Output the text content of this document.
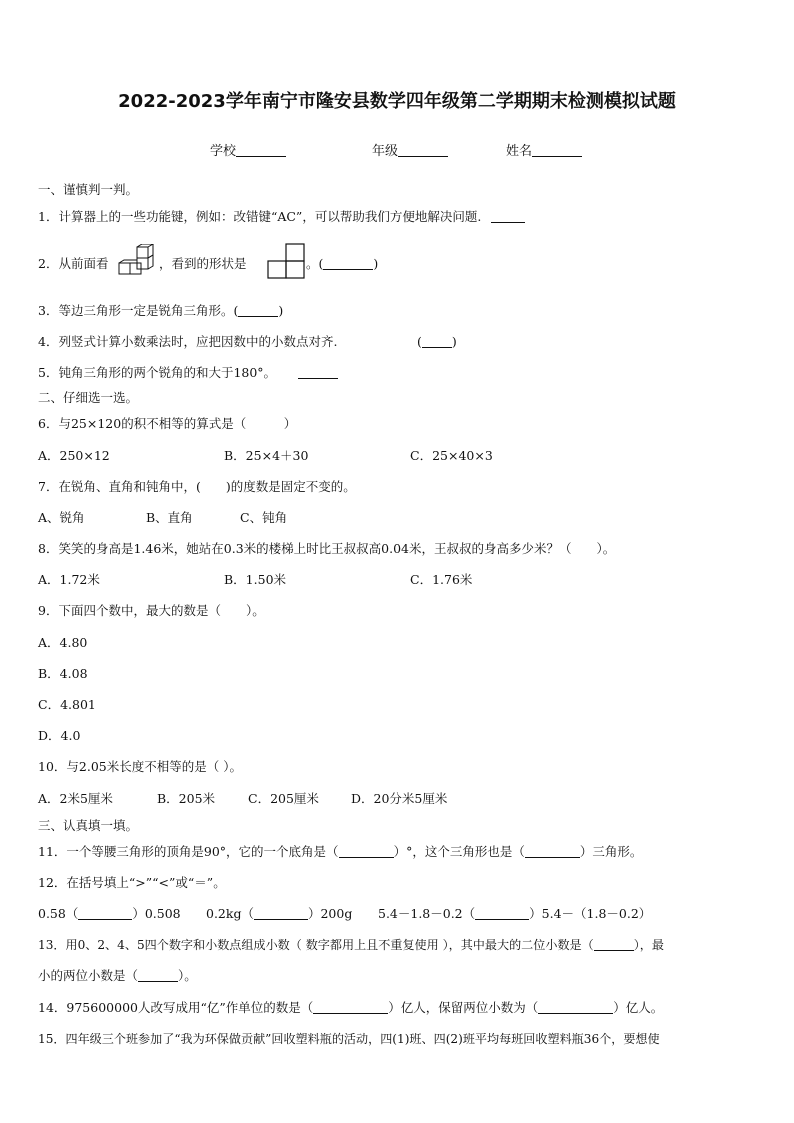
2022-2023学年南宁市隆安县数学四年级第二学期期末检测模拟试题
学校	年级	姓名
一、谨慎判一判。
1．计算器上的一些功能键，例如：改错键“AC”，可以帮助我们方便地解决问题.
2．从前面看	，看到的形状是	。(	)
3．等边三角形一定是锐角三角形。(	)
4．列竖式计算小数乘法时，应把因数中的小数点对齐.	( )
5．钝角三角形的两个锐角的和大于180°。
二、仔细选一选。
6．与25×120的积不相等的算式是（　　　）
A．250×12	B．25×4＋30	C．25×40×3
7．在锐角、直角和钝角中，(　　)的度数是固定不变的。
A、锐角	B、直角	C、钝角
8．笑笑的身高是1.46米，她站在0.3米的楼梯上时比王叔叔高0.04米，王叔叔的身高多少米？（　　）。
A．1.72米	B．1.50米	C．1.76米
9．下面四个数中，最大的数是（　　）。
A．4.80
B．4.08
C．4.801
D．4.0
10．与2.05米长度不相等的是（ ）。
A．2米5厘米	B．205米	C．205厘米	D．20分米5厘米
三、认真填一填。
11．一个等腰三角形的顶角是90°，它的一个底角是（	）°，这个三角形也是（	）三角形。
12．在括号填上“>”“<”或“＝”。
0.58（	）0.508 0.2kg（	）200g 5.4－1.8－0.2（	）5.4－（1.8－0.2）
13．用0、2、4、5四个数字和小数点组成小数（ 数字都用上且不重复使用 ），其中最大的二位小数是（	），最
小的两位小数是（	）。
14．975600000人改写成用“亿”作单位的数是（	）亿人，保留两位小数为（	）亿人。
15．四年级三个班参加了“我为环保做贡献”回收塑料瓶的活动，四(1)班、四(2)班平均每班回收塑料瓶36个，要想使
